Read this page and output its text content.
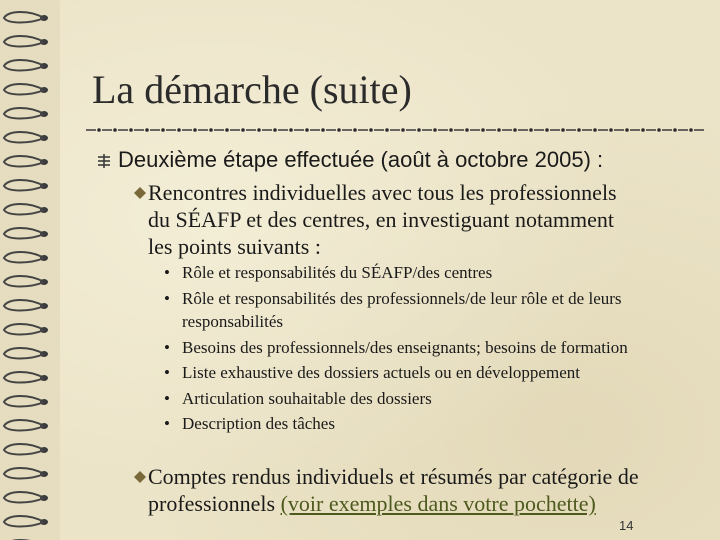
La démarche (suite)
Deuxième étape effectuée (août à octobre 2005) :

Rencontres individuelles avec tous les professionnels

du SÉAFP et des centres, en investiguant notamment

les points suivants :

• Rôle et responsabilités du SÉAFP/des centres
• Rôle et responsabilités des professionnels/de leur rôle et de leurs responsabilités
• Besoins des professionnels/des enseignants; besoins de formation
• Liste exhaustive des dossiers actuels ou en développement
• Articulation souhaitable des dossiers
• Description des tâches

Comptes rendus individuels et résumés par catégorie de

professionnels (voir exemples dans votre pochette)

14
